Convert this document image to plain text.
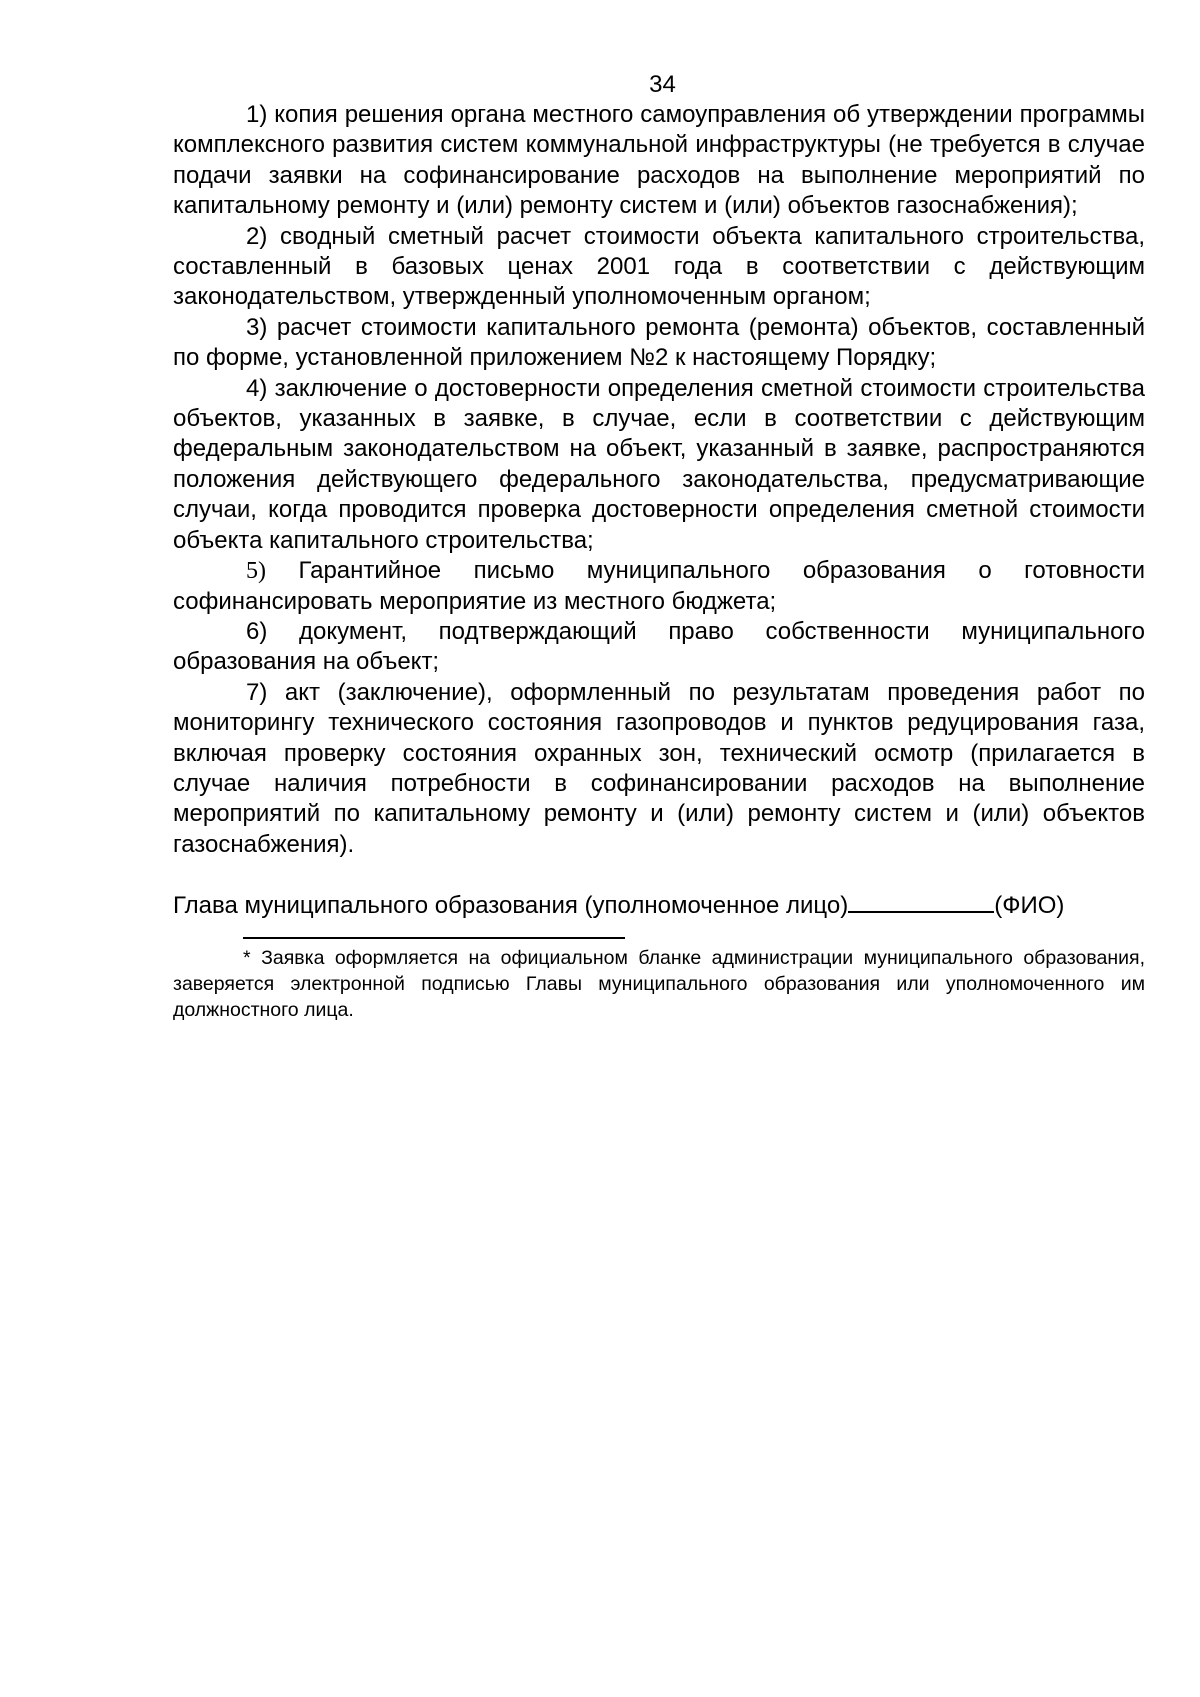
34

1) копия решения органа местного самоуправления об утверждении программы комплексного развития систем коммунальной инфраструктуры (не требуется в случае подачи заявки на софинансирование расходов на выполнение мероприятий по капитальному ремонту и (или) ремонту систем и (или) объектов газоснабжения);

2) сводный сметный расчет стоимости объекта капитального строительства, составленный в базовых ценах 2001 года в соответствии с действующим законодательством, утвержденный уполномоченным органом;

3) расчет стоимости капитального ремонта (ремонта) объектов, составленный по форме, установленной приложением №2 к настоящему Порядку;

4) заключение о достоверности определения сметной стоимости строительства объектов, указанных в заявке, в случае, если в соответствии с действующим федеральным законодательством на объект, указанный в заявке, распространяются положения действующего федерального законодательства, предусматривающие случаи, когда проводится проверка достоверности определения сметной стоимости объекта капитального строительства;

5) Гарантийное письмо муниципального образования о готовности софинансировать мероприятие из местного бюджета;

6) документ, подтверждающий право собственности муниципального образования на объект;

7) акт (заключение), оформленный по результатам проведения работ по мониторингу технического состояния газопроводов и пунктов редуцирования газа, включая проверку состояния охранных зон, технический осмотр (прилагается в случае наличия потребности в софинансировании расходов на выполнение мероприятий по капитальному ремонту и (или) ремонту систем и (или) объектов газоснабжения).

Глава муниципального образования (уполномоченное лицо)	(ФИО)

* Заявка оформляется на официальном бланке администрации муниципального образования, заверяется электронной подписью Главы муниципального образования или уполномоченного им должностного лица.
